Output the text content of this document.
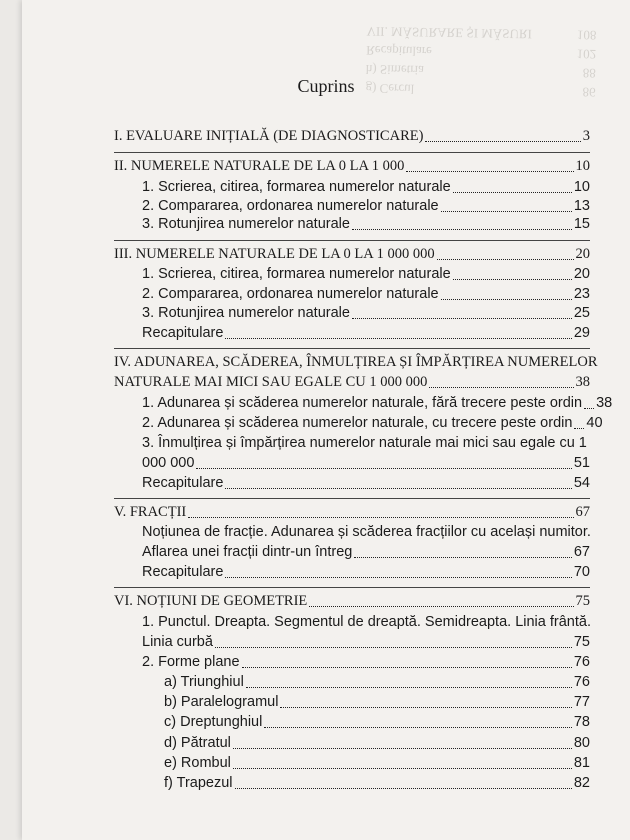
g) Cercul	86
h) Simetria	88
Recapitulare	102
VII. MĂSURARE ȘI MĂSURI	108
Cuprins
I. EVALUARE INIȚIALĂ (DE DIAGNOSTICARE)	3
II. NUMERELE NATURALE DE LA 0 LA 1 000	10
1. Scrierea, citirea, formarea numerelor naturale	10
2. Compararea, ordonarea numerelor naturale	13
3. Rotunjirea numerelor naturale	15
III. NUMERELE NATURALE DE LA 0 LA 1 000 000	20
1. Scrierea, citirea, formarea numerelor naturale	20
2. Compararea, ordonarea numerelor naturale	23
3. Rotunjirea numerelor naturale	25
Recapitulare	29
IV. ADUNAREA, SCĂDEREA, ÎNMULȚIREA ȘI ÎMPĂRȚIREA NUMERELOR
NATURALE MAI MICI SAU EGALE CU 1 000 000	38
1. Adunarea și scăderea numerelor naturale, fără trecere peste ordin 38
2. Adunarea și scăderea numerelor naturale, cu trecere peste ordin 40
3. Înmulțirea și împărțirea numerelor naturale mai mici sau egale cu 1
000 000	51
Recapitulare	54
V. FRACȚII	67
Noțiunea de fracție. Adunarea și scăderea fracțiilor cu același numitor.
Aflarea unei fracții dintr-un întreg	67
Recapitulare	70
VI. NOȚIUNI DE GEOMETRIE	75
1. Punctul. Dreapta. Segmentul de dreaptă. Semidreapta. Linia frântă.
Linia curbă	75
2. Forme plane	76
a) Triunghiul	76
b) Paralelogramul	77
c) Dreptunghiul	78
d) Pătratul	80
e) Rombul	81
f) Trapezul	82
